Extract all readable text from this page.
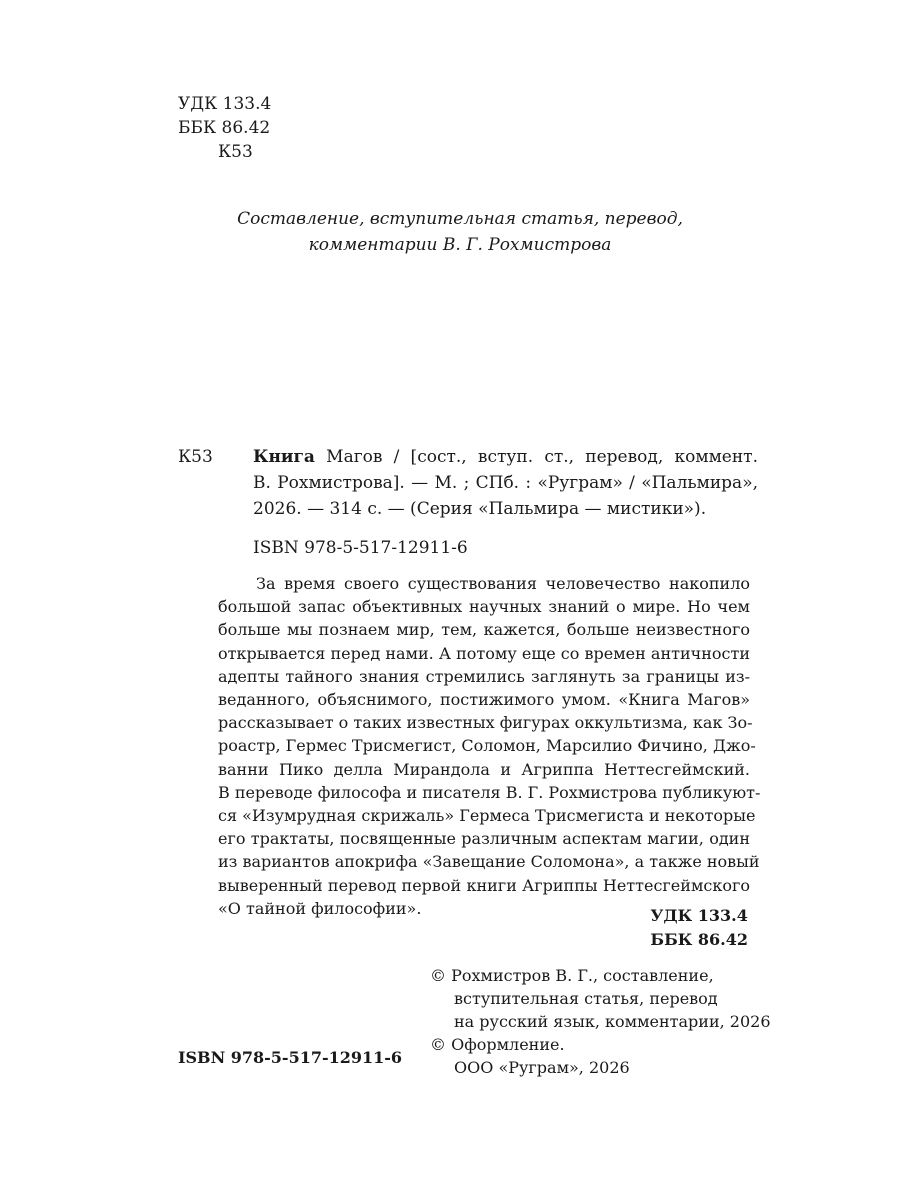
УДК 133.4
ББК 86.42
К53
Составление, вступительная статья, перевод,
комментарии В. Г. Рохмистрова
К53 Книга Магов / [сост., вступ. ст., перевод, коммент.
В. Рохмистрова]. — М. ; СПб. : «Руграм» / «Пальмира»,
2026. — 314 с. — (Серия «Пальмира — мистики»).
ISBN 978-5-517-12911-6
За время своего существования человечество накопило
большой запас объективных научных знаний о мире. Но чем
больше мы познаем мир, тем, кажется, больше неизвестного
открывается перед нами. А потому еще со времен античности
адепты тайного знания стремились заглянуть за границы из-
веданного, объяснимого, постижимого умом. «Книга Магов»
рассказывает о таких известных фигурах оккультизма, как Зо-
роастр, Гермес Трисмегист, Соломон, Марсилио Фичино, Джо-
ванни Пико делла Мирандола и Агриппа Неттесгеймский.
В переводе философа и писателя В. Г. Рохмистрова публикуют-
ся «Изумрудная скрижаль» Гермеса Трисмегиста и некоторые
его трактаты, посвященные различным аспектам магии, один
из вариантов апокрифа «Завещание Соломона», а также новый
выверенный перевод первой книги Агриппы Неттесгеймского
«О тайной философии».	УДК 133.4
ББК 86.42
© Рохмистров В. Г., составление,
вступительная статья, перевод
на русский язык, комментарии, 2026
© Оформление.
ООО «Руграм», 2026
ISBN 978-5-517-12911-6
